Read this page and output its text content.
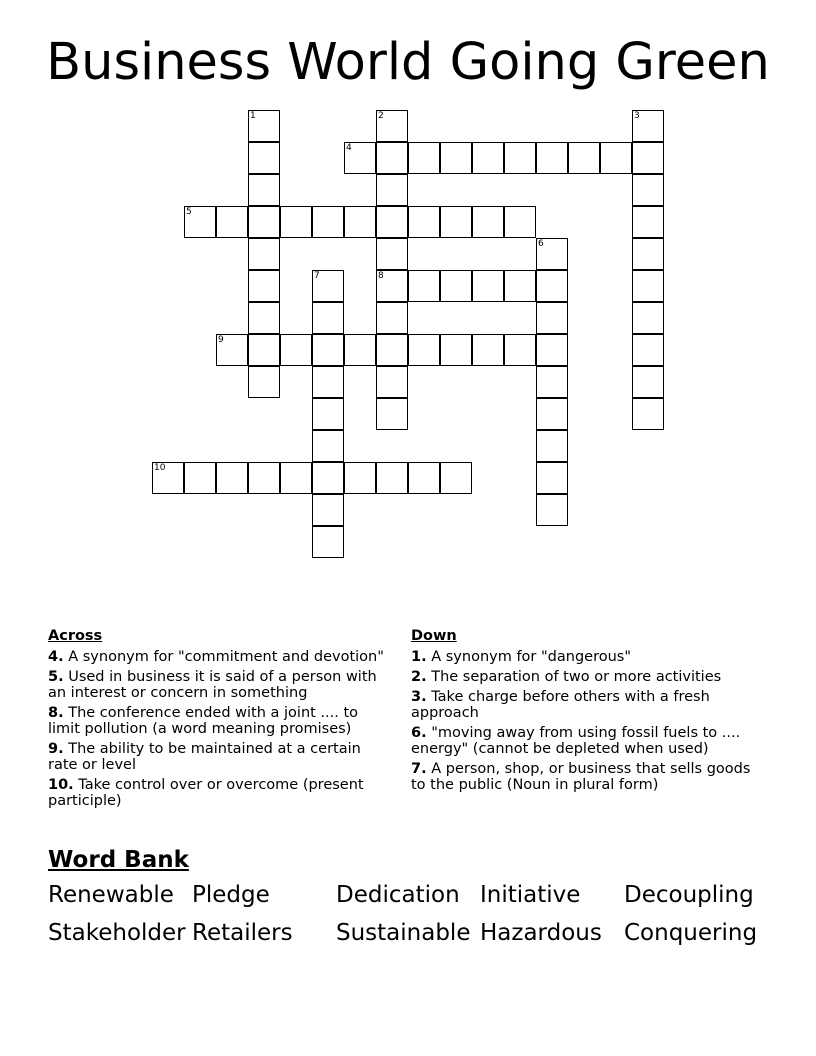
Business World Going Green
1	2
8
3
4
5
6
7
9
10
Across
4. A synonym for "commitment and devotion"
5. Used in business it is said of a person with an interest or concern in something
8. The conference ended with a joint .... to limit pollution (a word meaning promises)
9. The ability to be maintained at a certain rate or level
10. Take control over or overcome (present participle)
Down
1. A synonym for "dangerous"
2. The separation of two or more activities
3. Take charge before others with a fresh approach
6. "moving away from using fossil fuels to .... energy" (cannot be depleted when used)
7. A person, shop, or business that sells goods to the public (Noun in plural form)
Word Bank
Renewable Pledge	Dedication Initiative	Decoupling
Stakeholder Retailers	Sustainable Hazardous Conquering
